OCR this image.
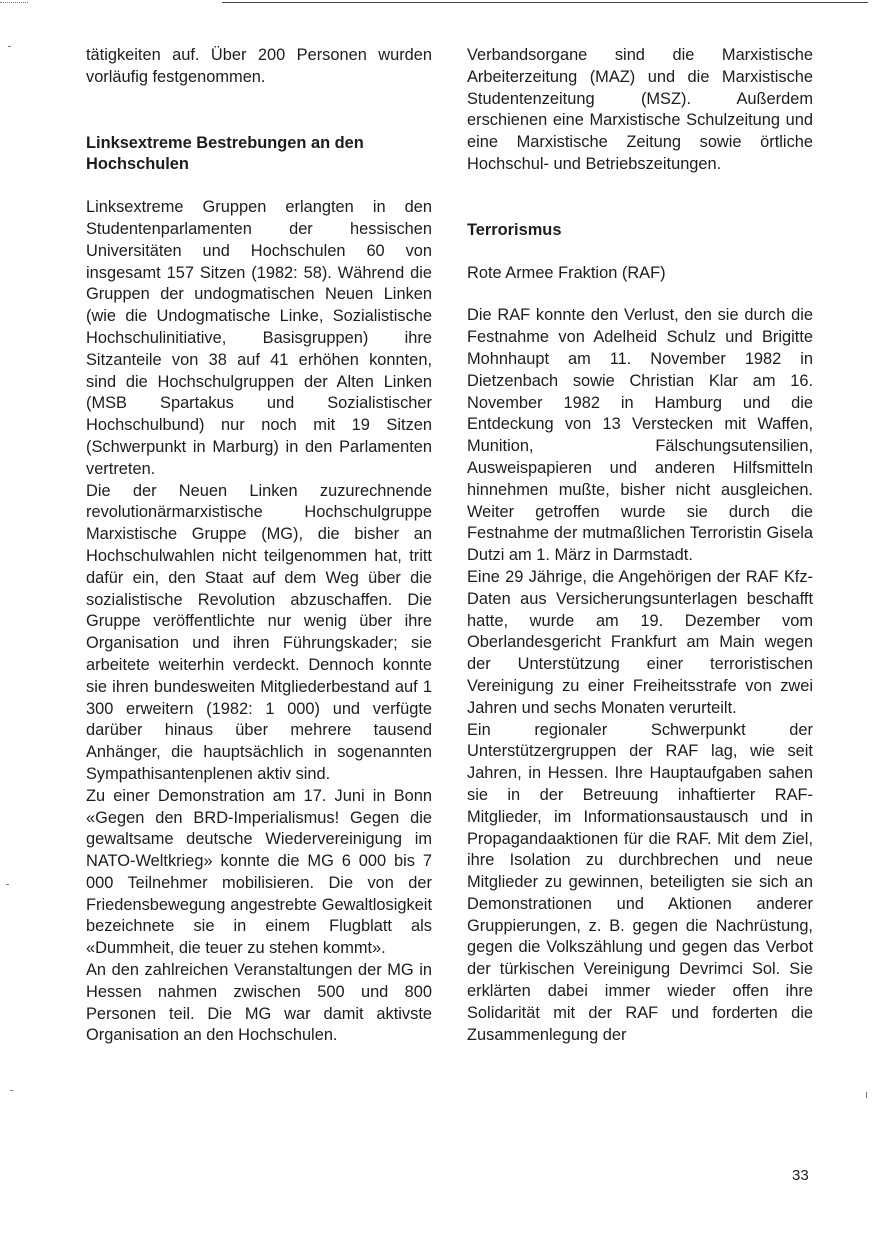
tätigkeiten auf. Über 200 Personen wurden vorläufig festgenommen.

Linksextreme Bestrebungen an den Hochschulen

Linksextreme Gruppen erlangten in den Studentenparlamenten der hessischen Universitäten und Hochschulen 60 von insgesamt 157 Sitzen (1982: 58). Während die Gruppen der undogmatischen Neuen Linken (wie die Undogmatische Linke, Sozialistische Hochschulinitiative, Basisgruppen) ihre Sitzanteile von 38 auf 41 erhöhen konnten, sind die Hochschulgruppen der Alten Linken (MSB Spartakus und Sozialistischer Hochschulbund) nur noch mit 19 Sitzen (Schwerpunkt in Marburg) in den Parlamenten vertreten.

Die der Neuen Linken zuzurechnende revolutionärmarxistische Hochschulgruppe Marxistische Gruppe (MG), die bisher an Hochschulwahlen nicht teilgenommen hat, tritt dafür ein, den Staat auf dem Weg über die sozialistische Revolution abzuschaffen. Die Gruppe veröffentlichte nur wenig über ihre Organisation und ihren Führungskader; sie arbeitete weiterhin verdeckt. Dennoch konnte sie ihren bundesweiten Mitgliederbestand auf 1 300 erweitern (1982: 1 000) und verfügte darüber hinaus über mehrere tausend Anhänger, die hauptsächlich in sogenannten Sympathisantenplenen aktiv sind.

Zu einer Demonstration am 17. Juni in Bonn «Gegen den BRD-Imperialismus! Gegen die gewaltsame deutsche Wiedervereinigung im NATO-Weltkrieg» konnte die MG 6 000 bis 7 000 Teilnehmer mobilisieren. Die von der Friedensbewegung angestrebte Gewaltlosigkeit bezeichnete sie in einem Flugblatt als «Dummheit, die teuer zu stehen kommt».

An den zahlreichen Veranstaltungen der MG in Hessen nahmen zwischen 500 und 800 Personen teil. Die MG war damit aktivste Organisation an den Hochschulen.

Verbandsorgane sind die Marxistische Arbeiterzeitung (MAZ) und die Marxistische Studentenzeitung (MSZ). Außerdem erschienen eine Marxistische Schulzeitung und eine Marxistische Zeitung sowie örtliche Hochschul- und Betriebszeitungen.

Terrorismus

Rote Armee Fraktion (RAF)

Die RAF konnte den Verlust, den sie durch die Festnahme von Adelheid Schulz und Brigitte Mohnhaupt am 11. November 1982 in Dietzenbach sowie Christian Klar am 16. November 1982 in Hamburg und die Entdeckung von 13 Verstecken mit Waffen, Munition, Fälschungsutensilien, Ausweispapieren und anderen Hilfsmitteln hinnehmen mußte, bisher nicht ausgleichen. Weiter getroffen wurde sie durch die Festnahme der mutmaßlichen Terroristin Gisela Dutzi am 1. März in Darmstadt.

Eine 29 Jährige, die Angehörigen der RAF Kfz-Daten aus Versicherungsunterlagen beschafft hatte, wurde am 19. Dezember vom Oberlandesgericht Frankfurt am Main wegen der Unterstützung einer terroristischen Vereinigung zu einer Freiheitsstrafe von zwei Jahren und sechs Monaten verurteilt.

Ein regionaler Schwerpunkt der Unterstützergruppen der RAF lag, wie seit Jahren, in Hessen. Ihre Hauptaufgaben sahen sie in der Betreuung inhaftierter RAF-Mitglieder, im Informationsaustausch und in Propagandaaktionen für die RAF. Mit dem Ziel, ihre Isolation zu durchbrechen und neue Mitglieder zu gewinnen, beteiligten sie sich an Demonstrationen und Aktionen anderer Gruppierungen, z. B. gegen die Nachrüstung, gegen die Volkszählung und gegen das Verbot der türkischen Vereinigung Devrimci Sol. Sie erklärten dabei immer wieder offen ihre Solidarität mit der RAF und forderten die Zusammenlegung der

33
